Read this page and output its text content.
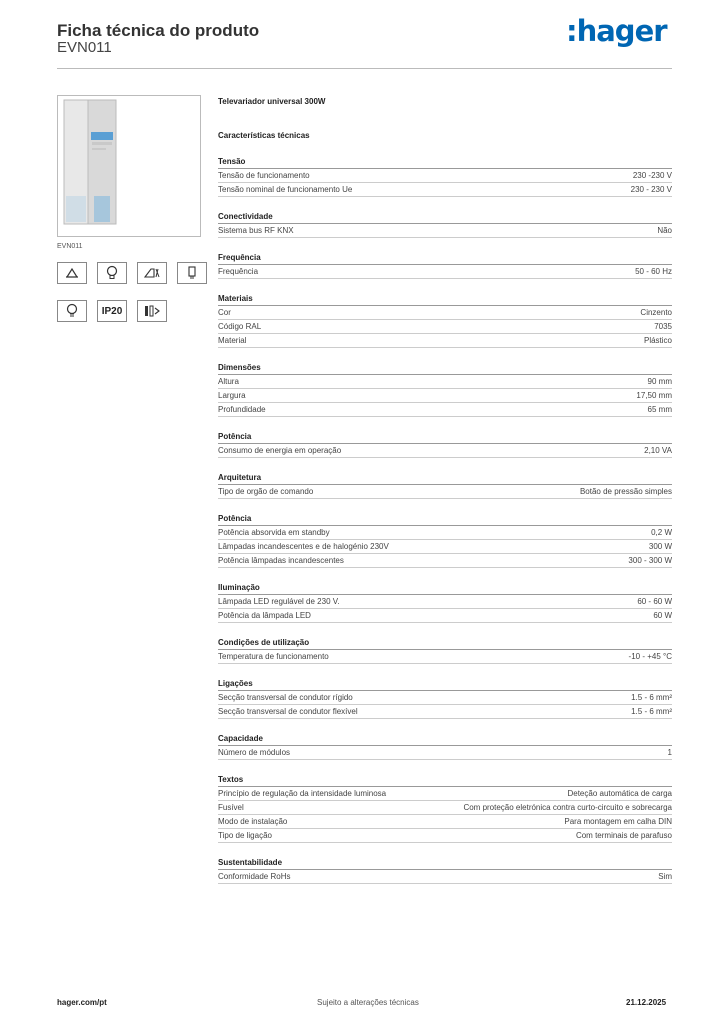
Ficha técnica do produto
EVN011	:hager
EVN011
IP20
Televariador universal 300W
Características técnicas
Tensão
Tensão de funcionamento	230 -230 V
Tensão nominal de funcionamento Ue	230 - 230 V
Conectividade
Sistema bus RF KNX	Não
Frequência
Frequência	50 - 60 Hz
Materiais
Cor	Cinzento
Código RAL	7035
Material	Plástico
Dimensões
Altura	90 mm
Largura	17,50 mm
Profundidade	65 mm
Potência
Consumo de energia em operação	2,10 VA
Arquitetura
Tipo de orgão de comando	Botão de pressão simples
Potência
Potência absorvida em standby	0,2 W
Lâmpadas incandescentes e de halogénio 230V	300 W
Potência lâmpadas incandescentes	300 - 300 W
Iluminação
Lâmpada LED regulável de 230 V.	60 - 60 W
Potência da lâmpada LED	60 W
Condições de utilização
Temperatura de funcionamento	-10 - +45 °C
Ligações
Secção transversal de condutor rígido	1.5 - 6 mm²
Secção transversal de condutor flexível	1.5 - 6 mm²
Capacidade
Número de módulos	1
Textos
Princípio de regulação da intensidade luminosa	Deteção automática de carga
Fusível	Com proteção eletrónica contra curto-circuito e sobrecarga
Modo de instalação	Para montagem em calha DIN
Tipo de ligação	Com terminais de parafuso
Sustentabilidade
Conformidade RoHs	Sim
hager.com/pt	Sujeito a alterações técnicas	21.12.2025
